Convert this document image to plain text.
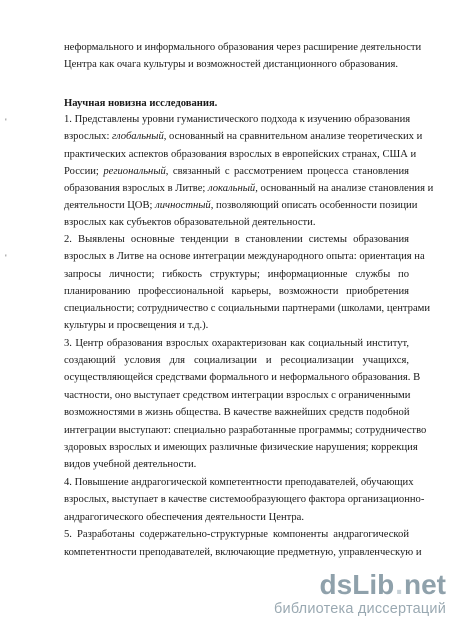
неформального и информального образования через расширение деятельности
Центра как очага культуры и возможностей дистанционного образования.
Научная новизна исследования.
1. Представлены уровни гуманистического подхода к изучению образования
взрослых: глобальный, основанный на сравнительном анализе теоретических и
практических аспектов образования взрослых в европейских странах, США и
России; региональный, связанный с рассмотрением процесса становления
образования взрослых в Литве; локальный, основанный на анализе становления и
деятельности ЦОВ; личностный, позволяющий описать особенности позиции
взрослых как субъектов образовательной деятельности.
2. Выявлены основные тенденции в становлении системы образования
взрослых в Литве на основе интеграции международного опыта: ориентация на
запросы личности; гибкость структуры; информационные службы по
планированию профессиональной карьеры, возможности приобретения
специальности; сотрудничество с социальными партнерами (школами, центрами
культуры и просвещения и т.д.).
3. Центр образования взрослых охарактеризован как социальный институт,
создающий условия для социализации и ресоциализации учащихся,
осуществляющейся средствами формального и неформального образования. В
частности, оно выступает средством интеграции взрослых с ограниченными
возможностями в жизнь общества. В качестве важнейших средств подобной
интеграции выступают: специально разработанные программы; сотрудничество
здоровых взрослых и имеющих различные физические нарушения; коррекция
видов учебной деятельности.
4. Повышение андрагогической компетентности преподавателей, обучающих
взрослых, выступает в качестве системообразующего фактора организационно-
андрагогического обеспечения деятельности Центра.
5. Разработаны содержательно-структурные компоненты андрагогической
компетентности преподавателей, включающие предметную, управленческую и
'
'
dsLib.net
библиотека диссертаций
